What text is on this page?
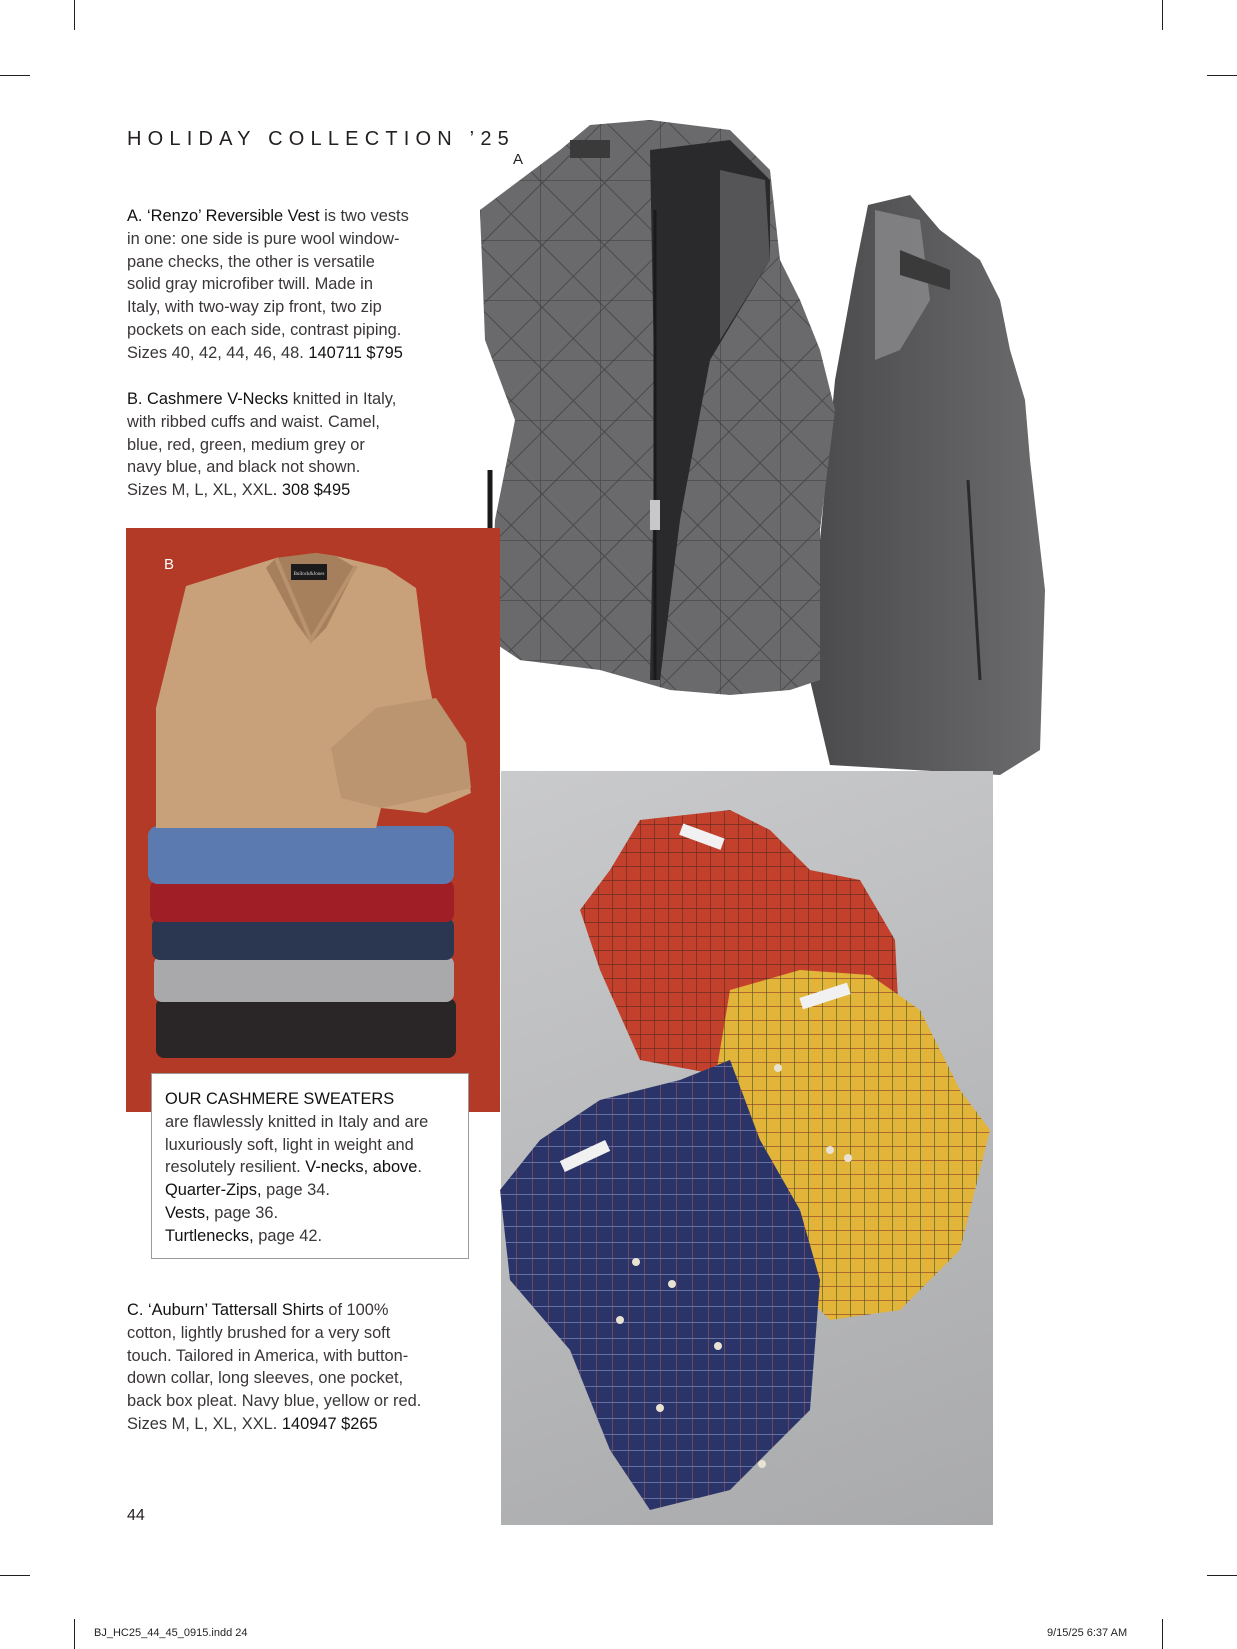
HOLIDAY COLLECTION ’25

A. ‘Renzo’ Reversible Vest is two vests

in one: one side is pure wool window-

pane checks, the other is versatile

solid gray microfiber twill. Made in

Italy, with two-way zip front, two zip

pockets on each side, contrast piping.

Sizes 40, 42, 44, 46, 48. 140711 $795

B. Cashmere V-Necks knitted in Italy,

with ribbed cuffs and waist. Camel,

blue, red, green, medium grey or

navy blue, and black not shown.

Sizes M, L, XL, XXL. 308 $495

A
B
Bullock&Jones
OUR CASHMERE SWEATERS
are flawlessly knitted in Italy and are
luxuriously soft, light in weight and
resolutely resilient. V-necks, above.
Quarter-Zips, page 34.
Vests, page 36.
Turtlenecks, page 42.

C. ‘Auburn’ Tattersall Shirts of 100%

cotton, lightly brushed for a very soft

touch. Tailored in America, with button-

down collar, long sleeves, one pocket,

back box pleat. Navy blue, yellow or red.

Sizes M, L, XL, XXL. 140947 $265

44
BJ_HC25_44_45_0915.indd 24	9/15/25 6:37 AM
